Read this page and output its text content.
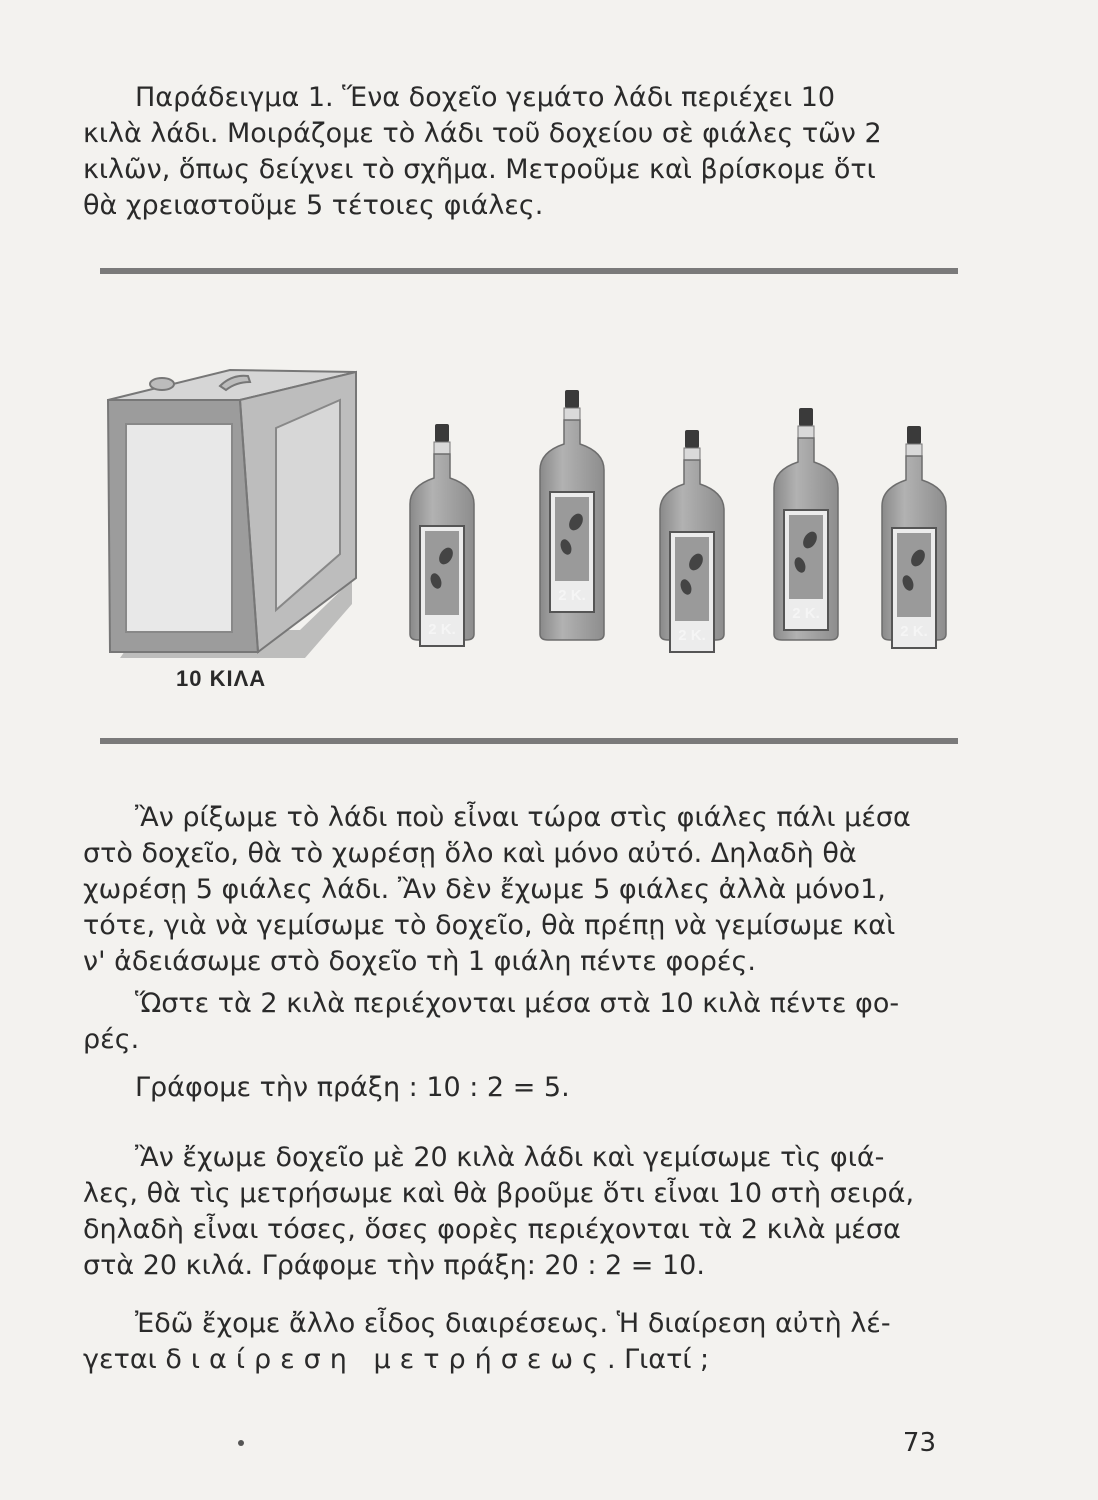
Παράδειγμα 1. Ἕνα δοχεῖο γεμάτο λάδι περιέχει 10
κιλὰ λάδι. Μοιράζομε τὸ λάδι τοῦ δοχείου σὲ φιάλες τῶν 2
κιλῶν, ὅπως δείχνει τὸ σχῆμα. Μετροῦμε καὶ βρίσκομε ὅτι
θὰ χρειαστοῦμε 5 τέτοιες φιάλες.

2 K.
2 K.
2 K.
2 K.
2 K.
10 ΚΙΛΑ

Ἂν ρίξωμε τὸ λάδι ποὺ εἶναι τώρα στὶς φιάλες πάλι μέσα
στὸ δοχεῖο, θὰ τὸ χωρέσῃ ὅλο καὶ μόνο αὐτό. Δηλαδὴ θὰ
χωρέσῃ 5 φιάλες λάδι. Ἂν δὲν ἔχωμε 5 φιάλες ἀλλὰ μόνο1,
τότε, γιὰ νὰ γεμίσωμε τὸ δοχεῖο, θὰ πρέπῃ νὰ γεμίσωμε καὶ
ν' ἀδειάσωμε στὸ δοχεῖο τὴ 1 φιάλη πέντε φορές.

Ὥστε τὰ 2 κιλὰ περιέχονται μέσα στὰ 10 κιλὰ πέντε φο-
ρές.

Γράφομε τὴν πράξη : 10 : 2 = 5.

Ἂν ἔχωμε δοχεῖο μὲ 20 κιλὰ λάδι καὶ γεμίσωμε τὶς φιά-
λες, θὰ τὶς μετρήσωμε καὶ θὰ βροῦμε ὅτι εἶναι 10 στὴ σειρά,
δηλαδὴ εἶναι τόσες, ὅσες φορὲς περιέχονται τὰ 2 κιλὰ μέσα
στὰ 20 κιλά. Γράφομε τὴν πράξη: 20 : 2 = 10.

Ἐδῶ ἔχομε ἄλλο εἶδος διαιρέσεως. Ἡ διαίρεση αὐτὴ λέ-
γεται διαίρεση μετρήσεως. Γιατί ;

73
